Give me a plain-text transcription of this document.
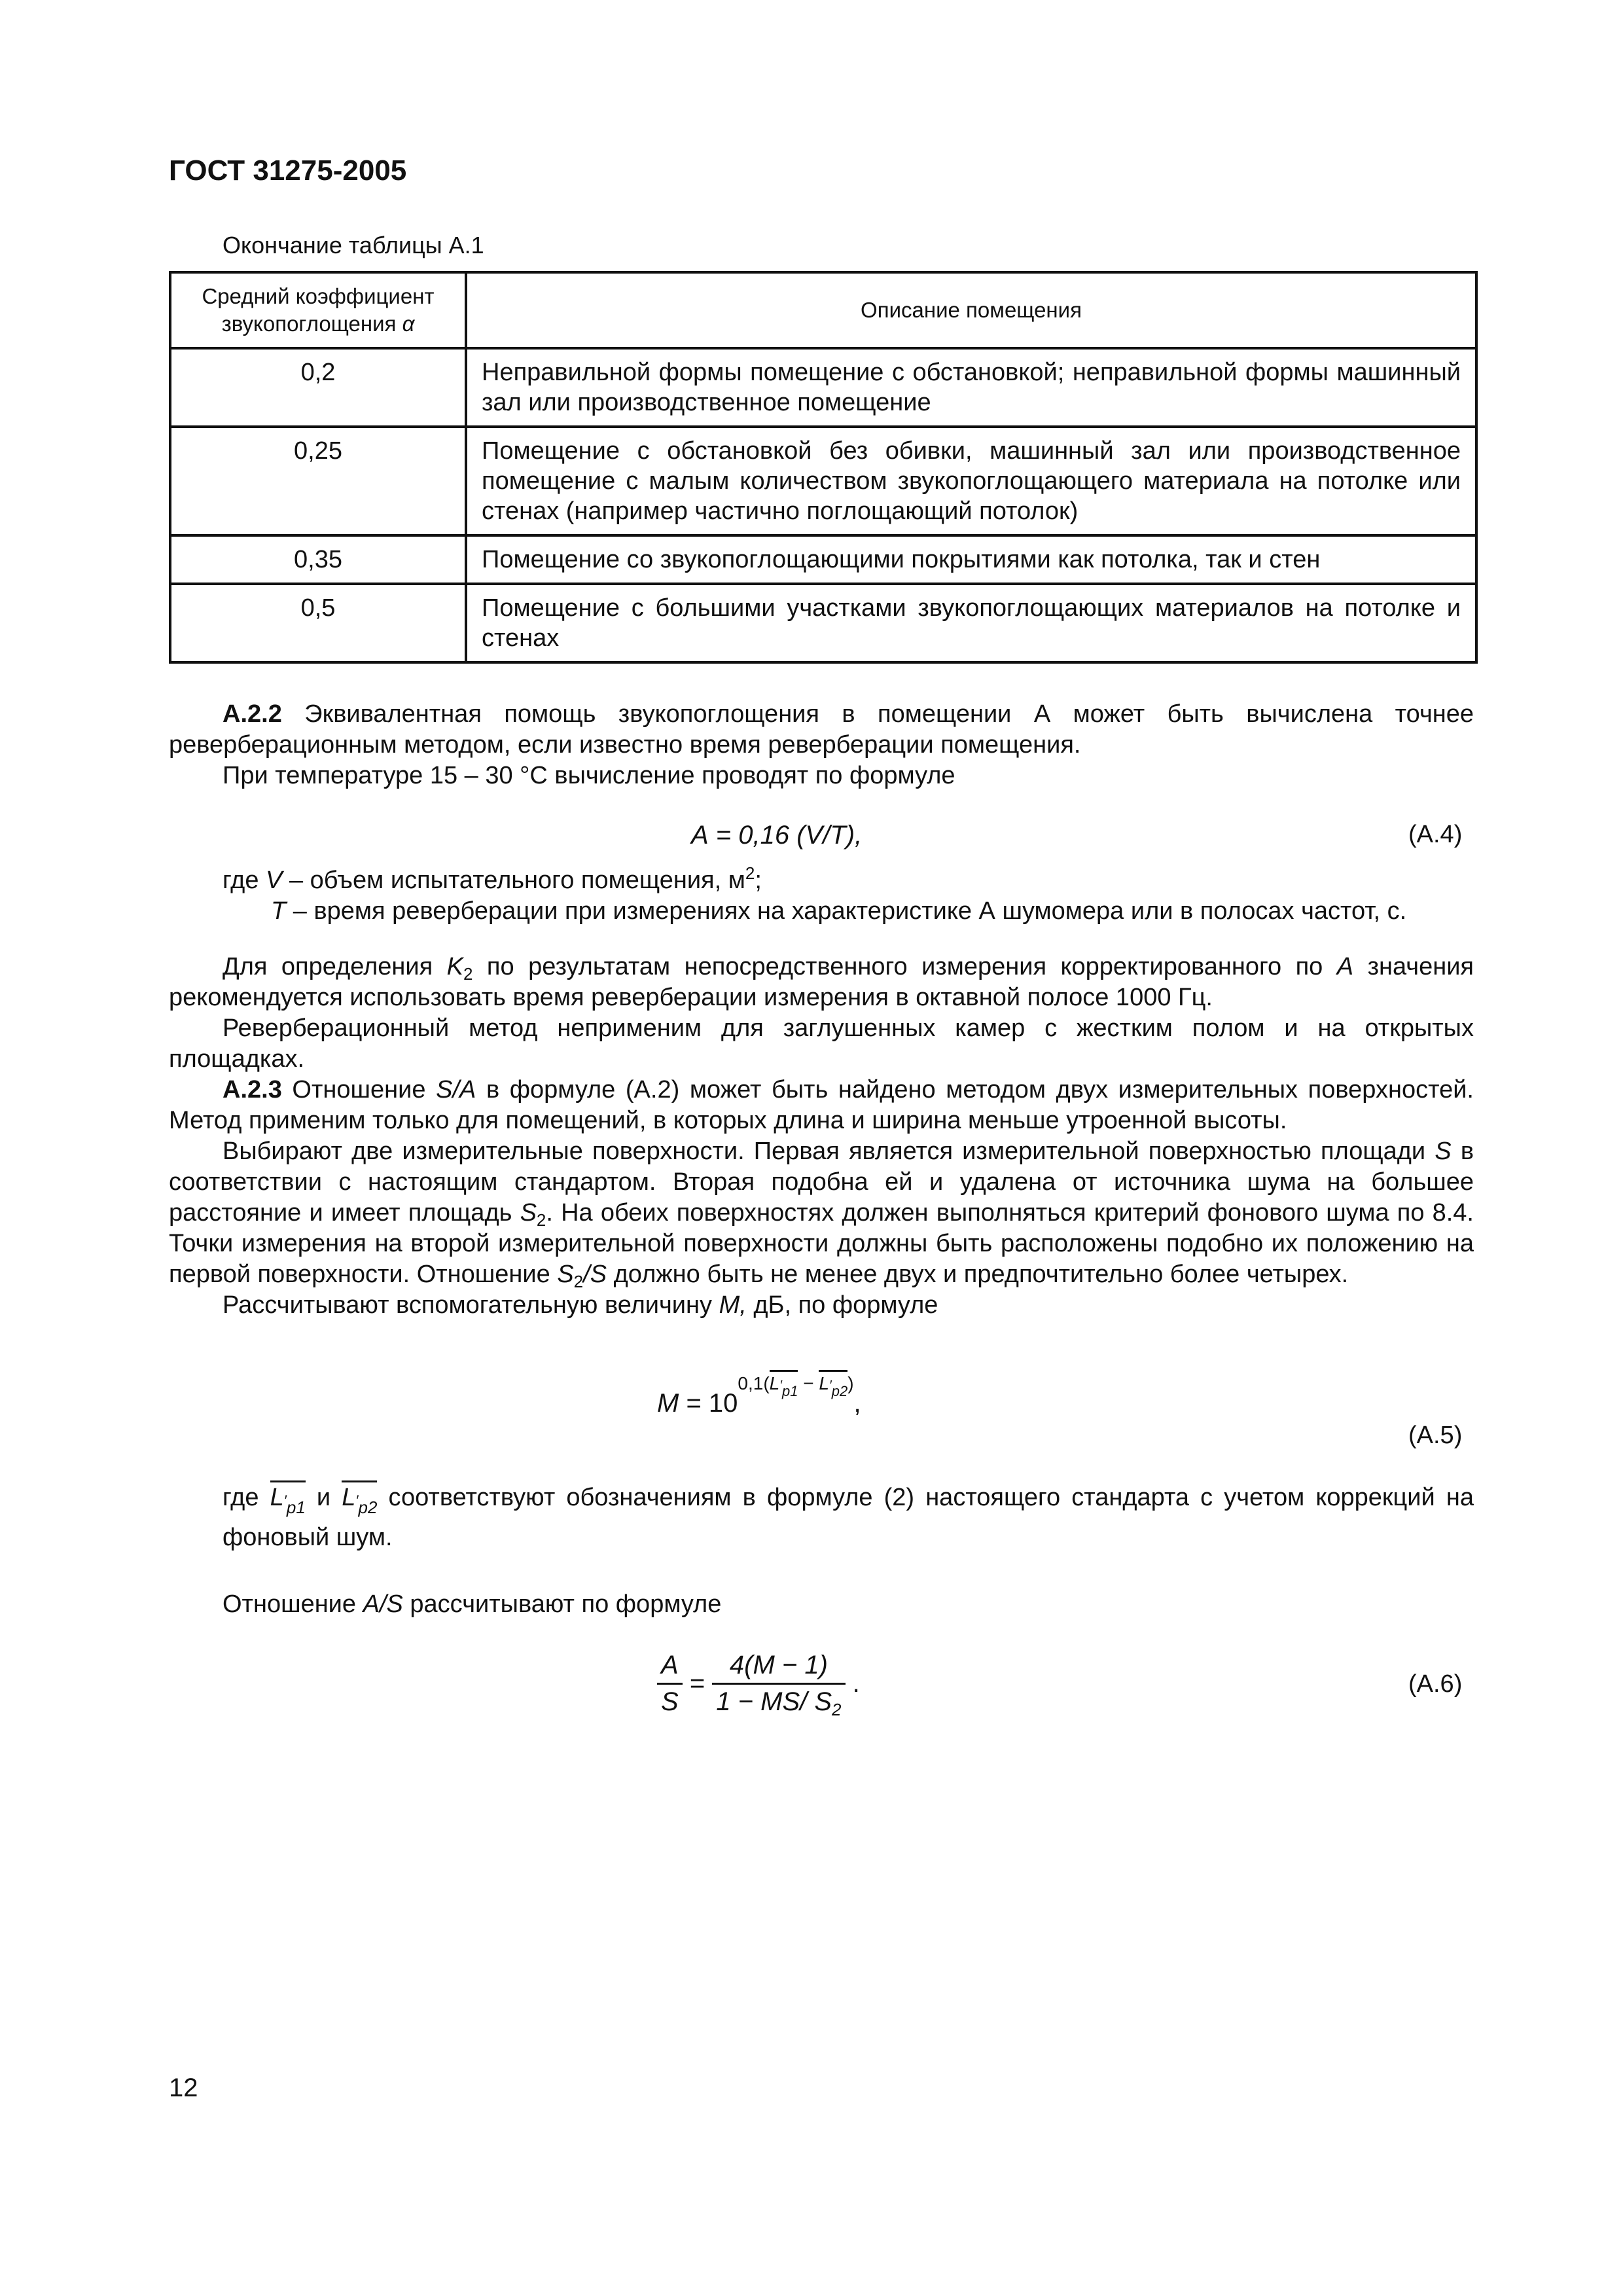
ГОСТ 31275-2005
Окончание таблицы А.1
Средний коэффициент звукопоглощения α	Описание помещения
0,2	Неправильной формы помещение с обстановкой; неправильной формы машинный зал или производственное помещение
0,25	Помещение с обстановкой без обивки, машинный зал или производственное помещение с малым количеством звукопоглощающего материала на потолке или стенах (например частично поглощающий потолок)
0,35	Помещение со звукопоглощающими покрытиями как потолка, так и стен
0,5	Помещение с большими участками звукопоглощающих материалов на потолке и стенах

А.2.2 Эквивалентная помощь звукопоглощения в помещении А может быть вычислена точнее реверберационным методом, если известно время реверберации помещения.

При температуре 15 – 30 °С вычисление проводят по формуле

А = 0,16 (V/T),	(А.4)

где V – объем испытательного помещения, $м^2$;

T – время реверберации при измерениях на характеристике А шумомера или в полосах частот, с.

Для определения $K_2$ по результатам непосредственного измерения корректированного по А значения рекомендуется использовать время реверберации измерения в октавной полосе 1000 Гц.

Реверберационный метод неприменим для заглушенных камер с жестким полом и на открытых площадках.

А.2.3 Отношение S/A в формуле (А.2) может быть найдено методом двух измерительных поверхностей. Метод применим только для помещений, в которых длина и ширина меньше утроенной высоты.

Выбирают две измерительные поверхности. Первая является измерительной поверхностью площади S в соответствии с настоящим стандартом. Вторая подобна ей и удалена от источника шума на большее расстояние и имеет площадь $S_2$. На обеих поверхностях должен выполняться критерий фонового шума по 8.4. Точки измерения на второй измерительной поверхности должны быть расположены подобно их положению на первой поверхности. Отношение $S_2/S$ должно быть не менее двух и предпочтительно более четырех.

Рассчитывают вспомогательную величину М, дБ, по формуле

$M = 10^{0,1(L'_{p1} - L'_{p2})}$,
(А.5)

где $L'_{p1}$ и $L'_{p2}$ соответствуют обозначениям в формуле (2) настоящего стандарта с учетом коррекций на фоновый шум.

Отношение A/S рассчитывают по формуле

$\frac{A}{S} = \frac{4(M - 1)}{1 - MS/ S_2}$ .	(А.6)
12
